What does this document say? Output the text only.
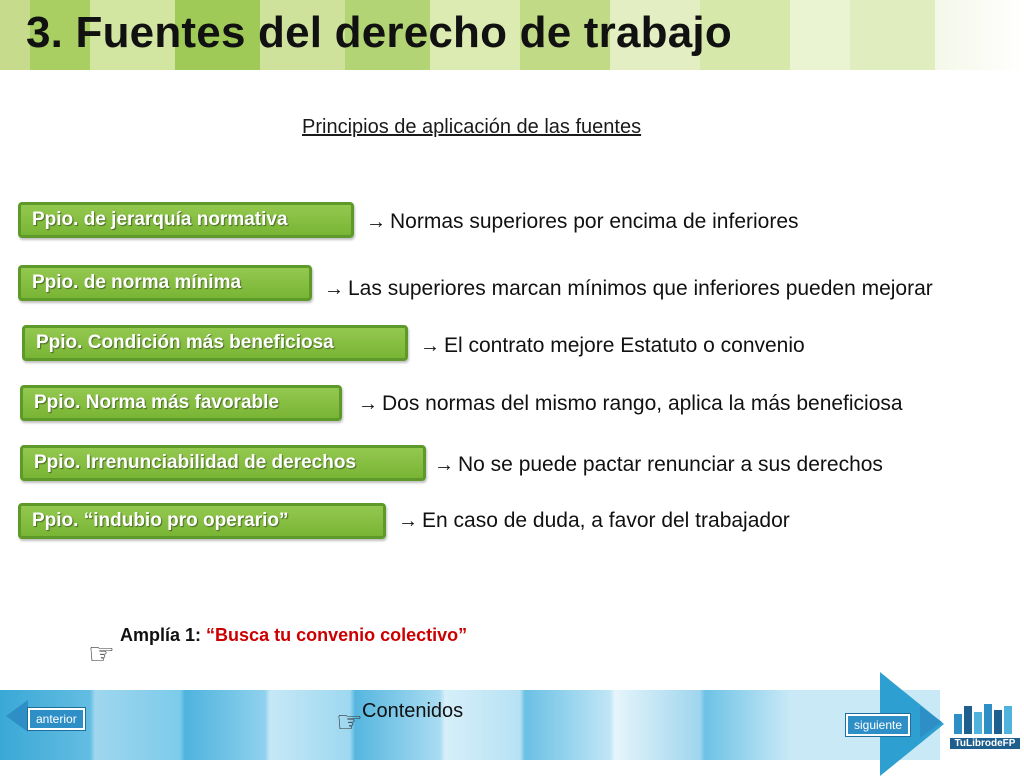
3. Fuentes del derecho de trabajo
Principios de aplicación de las fuentes
Ppio. de jerarquía normativa	→ Normas superiores por encima de inferiores
Ppio. de norma mínima	→ Las superiores marcan mínimos que inferiores pueden mejorar
Ppio. Condición más beneficiosa	→ El contrato mejore Estatuto o convenio
Ppio. Norma más favorable	→ Dos normas del mismo rango, aplica la más beneficiosa
Ppio. Irrenunciabilidad de derechos	→ No se puede pactar renunciar a sus derechos
Ppio. “indubio pro operario”	→ En caso de duda, a favor del trabajador
☞
Amplía 1: “Busca tu convenio colectivo”
anterior	☞ Contenidos
siguiente
TuLibrodeFP
